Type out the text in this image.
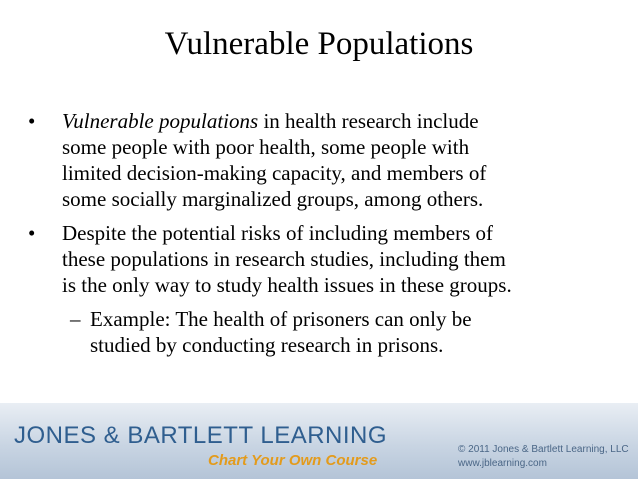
Vulnerable Populations
• Vulnerable populations in health research include
some people with poor health, some people with
limited decision-making capacity, and members of
some socially marginalized groups, among others.
• Despite the potential risks of including members of
these populations in research studies, including them
is the only way to study health issues in these groups.
– Example: The health of prisoners can only be
studied by conducting research in prisons.
JONES & BARTLETT LEARNING
Chart Your Own Course
© 2011 Jones & Bartlett Learning, LLC
www.jblearning.com
